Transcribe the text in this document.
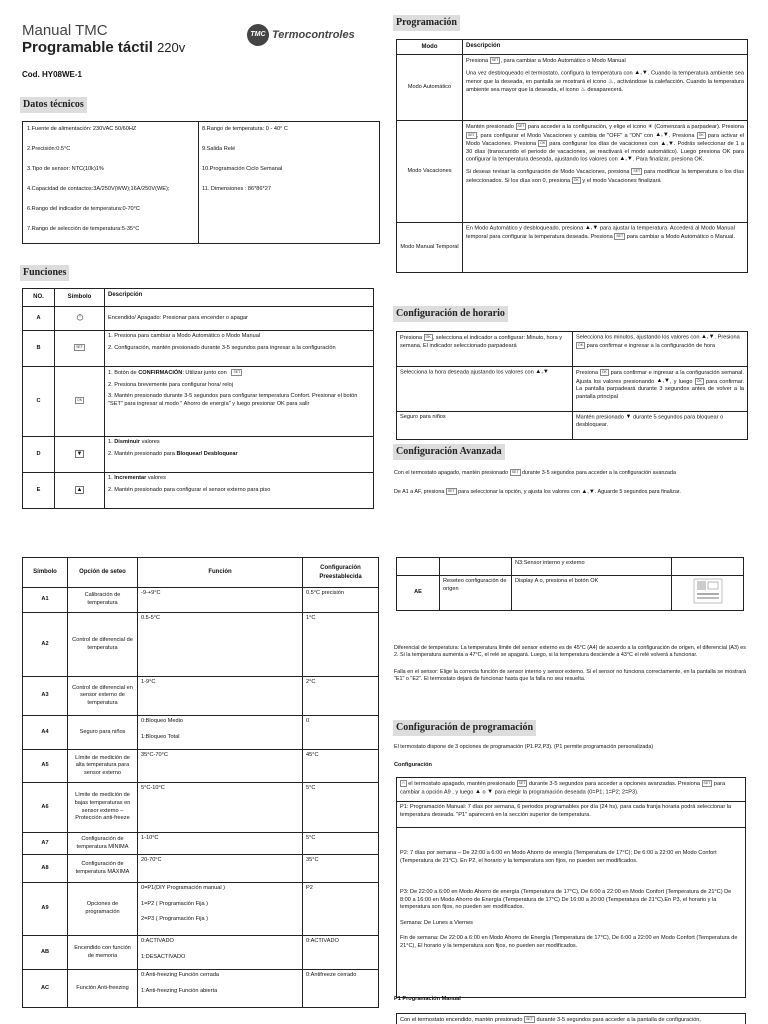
Manual TMC
Programable táctil 220v
TMC Termocontroles
Cod. HY08WE-1
Datos técnicos
1.Fuente de alimentación: 230VAC 50/60HZ
2.Precisión:0.5°C
3.Tipo de sensor: NTC(10k)1%
4.Capacidad de contactos:3A/250V(WW);16A/250V(WE);
6.Rango del indicador de temperatura:0-70°C
7.Rango de selección de temperatura:5-35°C
8.Rango de temperatura: 0 - 40° C
9.Salida Relé
10.Programación Ciclo Semanal
11. Dimensiones : 86*86*27
Funciones
NO.	Símbolo	Descripción
A		Encendido/ Apagado: Presionar para encender o apagar
B	SET	1. Presiona para cambiar a Modo Automático o Modo Manual

2. Configuración, mantén presionado durante 3-5 segundos para ingresar a la configuración

C	OK	1. Botón de CONFIRMACIÓN: Utilizar junto con SET

2. Presiona brevemente para configurar hora/ reloj

3. Mantén presionado durante 3-5 segundos para configurar temperatura Confort. Presionar el botón "SET" para ingresar al modo " Ahorro de energía" y luego presionar OK para salir

D	▼	1. Disminuir valores

2. Mantén presionado para Bloquear/ Desbloquear

E	▲	1. Incrementar valores

2. Mantén presionado para configurar el sensor externo para piso

Símbolo	Opción de seteo	Función	Configuración Preestablecida
A1	Calibración de temperatura	-9-+9°C	0.5°C precisión
A2	Control de diferencial de temperatura	0.5-5°C	1°C
A3	Control de diferencial en sensor externo de temperatura	1-9°C	2°C
A4	Seguro para niños	0:Bloqueo Medio

1:Bloqueo Total	0
A5	Límite de medición de alta temperatura para sensor externo	35°C-70°C	45°C
A6	Límite de medición de bajas temperaturas en sensor externo – Protección anti-freeze	5°C-10°C	5°C
A7	Configuración de temperatura MÍNIMA	1-10°C	5°C
A8	Configuración de temperatura MÁXIMA	20-70°C	35°C
A9	Opciones de programación	0=P1(DIY Programación manual )

1=P2 ( Programación Fija )

2=P3 ( Programación Fija )	P2
AB	Encendido con función de memoria	0:ACTIVADO

1:DESACTIVADO	0:ACTIVADO
AC	Función Anti-freezing	0:Anti-freezing Función cerrada

1:Anti-freezing Función abierta	0:Antifreeze cerrado
Programación
Modo	Descripción
Modo Automático	Presiona SET , para cambiar a Modo Automático o Modo Manual

Una vez desbloqueado el termostato, configura la temperatura con ▲,▼. Cuando la temperatura ambiente sea menor que la deseada, en pantalla se mostrará el icono ♨, activándose la calefacción. Cuando la temperatura ambiente sea mayor que la deseada, el icono ♨ desaparecerá.

Modo Vacaciones	Mantén presionado SET para acceder a la configuración, y elige el icono ☀ (Comenzará a parpadear). Presiona SET , para configurar el Modo Vacaciones y cambia de "OFF" a "ON" con ▲,▼. Presiona OK para activar el Modo Vacaciones. Presiona OK para configurar los días de vacaciones con ▲,▼. Podrás seleccionar de 1 a 30 días (transcurrido el periodo de vacaciones, se reactivará el modo automático). Luego presiona OK para configurar la temperatura deseada, ajustando los valores con ▲,▼. Para finalizar, presiona OK.

Si deseas revisar la configuración de Modo Vacaciones, presiona SET para modificar la temperatura o los días seleccionados. Si los días son 0, presiona OK y el modo Vacaciones finalizará

Modo Manual Temporal	En Modo Automático y desbloqueado, presiona ▲,▼ para ajustar la temperatura. Accederá al Modo Manual temporal para configurar la temperatura deseada. Presiona SET para cambiar a Modo Automático o Manual.
Configuración de horario
Presiona OK , selecciona el indicador a configurar: Minuto, hora y semana. El indicador seleccionado parpadeará	Selecciona los minutos, ajustando los valores con ▲,▼. Presiona OK para confirmar e ingresar a la configuración de hora
Selecciona la hora deseada ajustando los valores con ▲,▼	Presiona OK para confirmar e ingresar a la configuración semanal. Ajusta los valores presionando ▲,▼, y luego OK para confirmar. La pantalla parpadeará durante 3 segundos antes de volver a la pantalla principal
Seguro para niños	Mantén presionado ▼ durante 5 segundos para bloquear o desbloquear.
Configuración Avanzada

Con el termostato apagado, mantén presionado SET durante 3-5 segundos para acceder a la configuración avanzada

De A1 a AF, presiona SET para seleccionar la opción, y ajusta los valores con ▲,▼. Aguarde 5 segundos para finalizar.

		N3:Sensor interno y externo	
AE	Reseteo configuración de origen	Display A o, presiona el botón OK	

Diferencial de temperatura: La temperatura límite del sensor externo es de 45°C (A4) de acuerdo a la configuración de origen, el diferencial (A3) es 2. Si la temperatura aumenta a 47°C, el relé se apagará. Luego, si la temperatura desciende a 43°C el relé volverá a funcionar.

Falla en el sensor: Elige la correcta función de sensor interno y sensor externo. Si el sensor no funciona correctamente, en la pantalla se mostrará "E1" o "E2". El termostato dejará de funcionar hasta que la falla no sea resuelta.

Configuración de programación
El termostato dispone de 3 opciones de programación (P1.P2,P3). (P1 permite programación personalizada)
Configuración
⏲ el termostato apagado, mantén presionado SET durante 3-5 segundos para acceder a opciones avanzadas. Presiona SET para cambiar a opción A9 , y luego ▲ o ▼ para elegir la programación deseada (0=P1; 1=P2; 2=P3).
P1: Programación Manual: 7 días por semana, 6 periodos programables por día (24 hs), para cada franja horaria podrá seleccionar la temperatura deseada. "P1" aparecerá en la sección superior de temperatura.

P2: 7 días por semana – De 22:00 a 6:00 en Modo Ahorro de energía (Temperatura de 17°C); De 6:00 a 22:00 en Modo Confort (Temperatura de 21°C). En P2, el horario y la temperatura son fijos, no pueden ser modificados.

P3: De 22:00 a 6:00 en Modo Ahorro de energía (Temperatura de 17°C), De 6:00 a 22:00 en Modo Confort (Temperatura de 21°C) De 8:00 a 16:00 en Modo Ahorro de Energía (Temperatura de 17°C) De 16:00 a 20:00 (Temperatura de 21°C).En P3, el horario y la temperatura son fijos, no pueden ser modificados.

Semana: De Lunes a Viernes

Fin de semana: De 22:00 a 6:00 en Modo Ahorro de Energía (Temperatura de 17°C), De 6:00 a 22:00 en Modo Confort (Temperatura de 21°C), El horario y la temperatura son fijos, no pueden ser modificados.

P1 Programación Manual
Con el termostato encendido, mantén presionado SET durante 3-5 segundos para acceder a la pantalla de configuración,
